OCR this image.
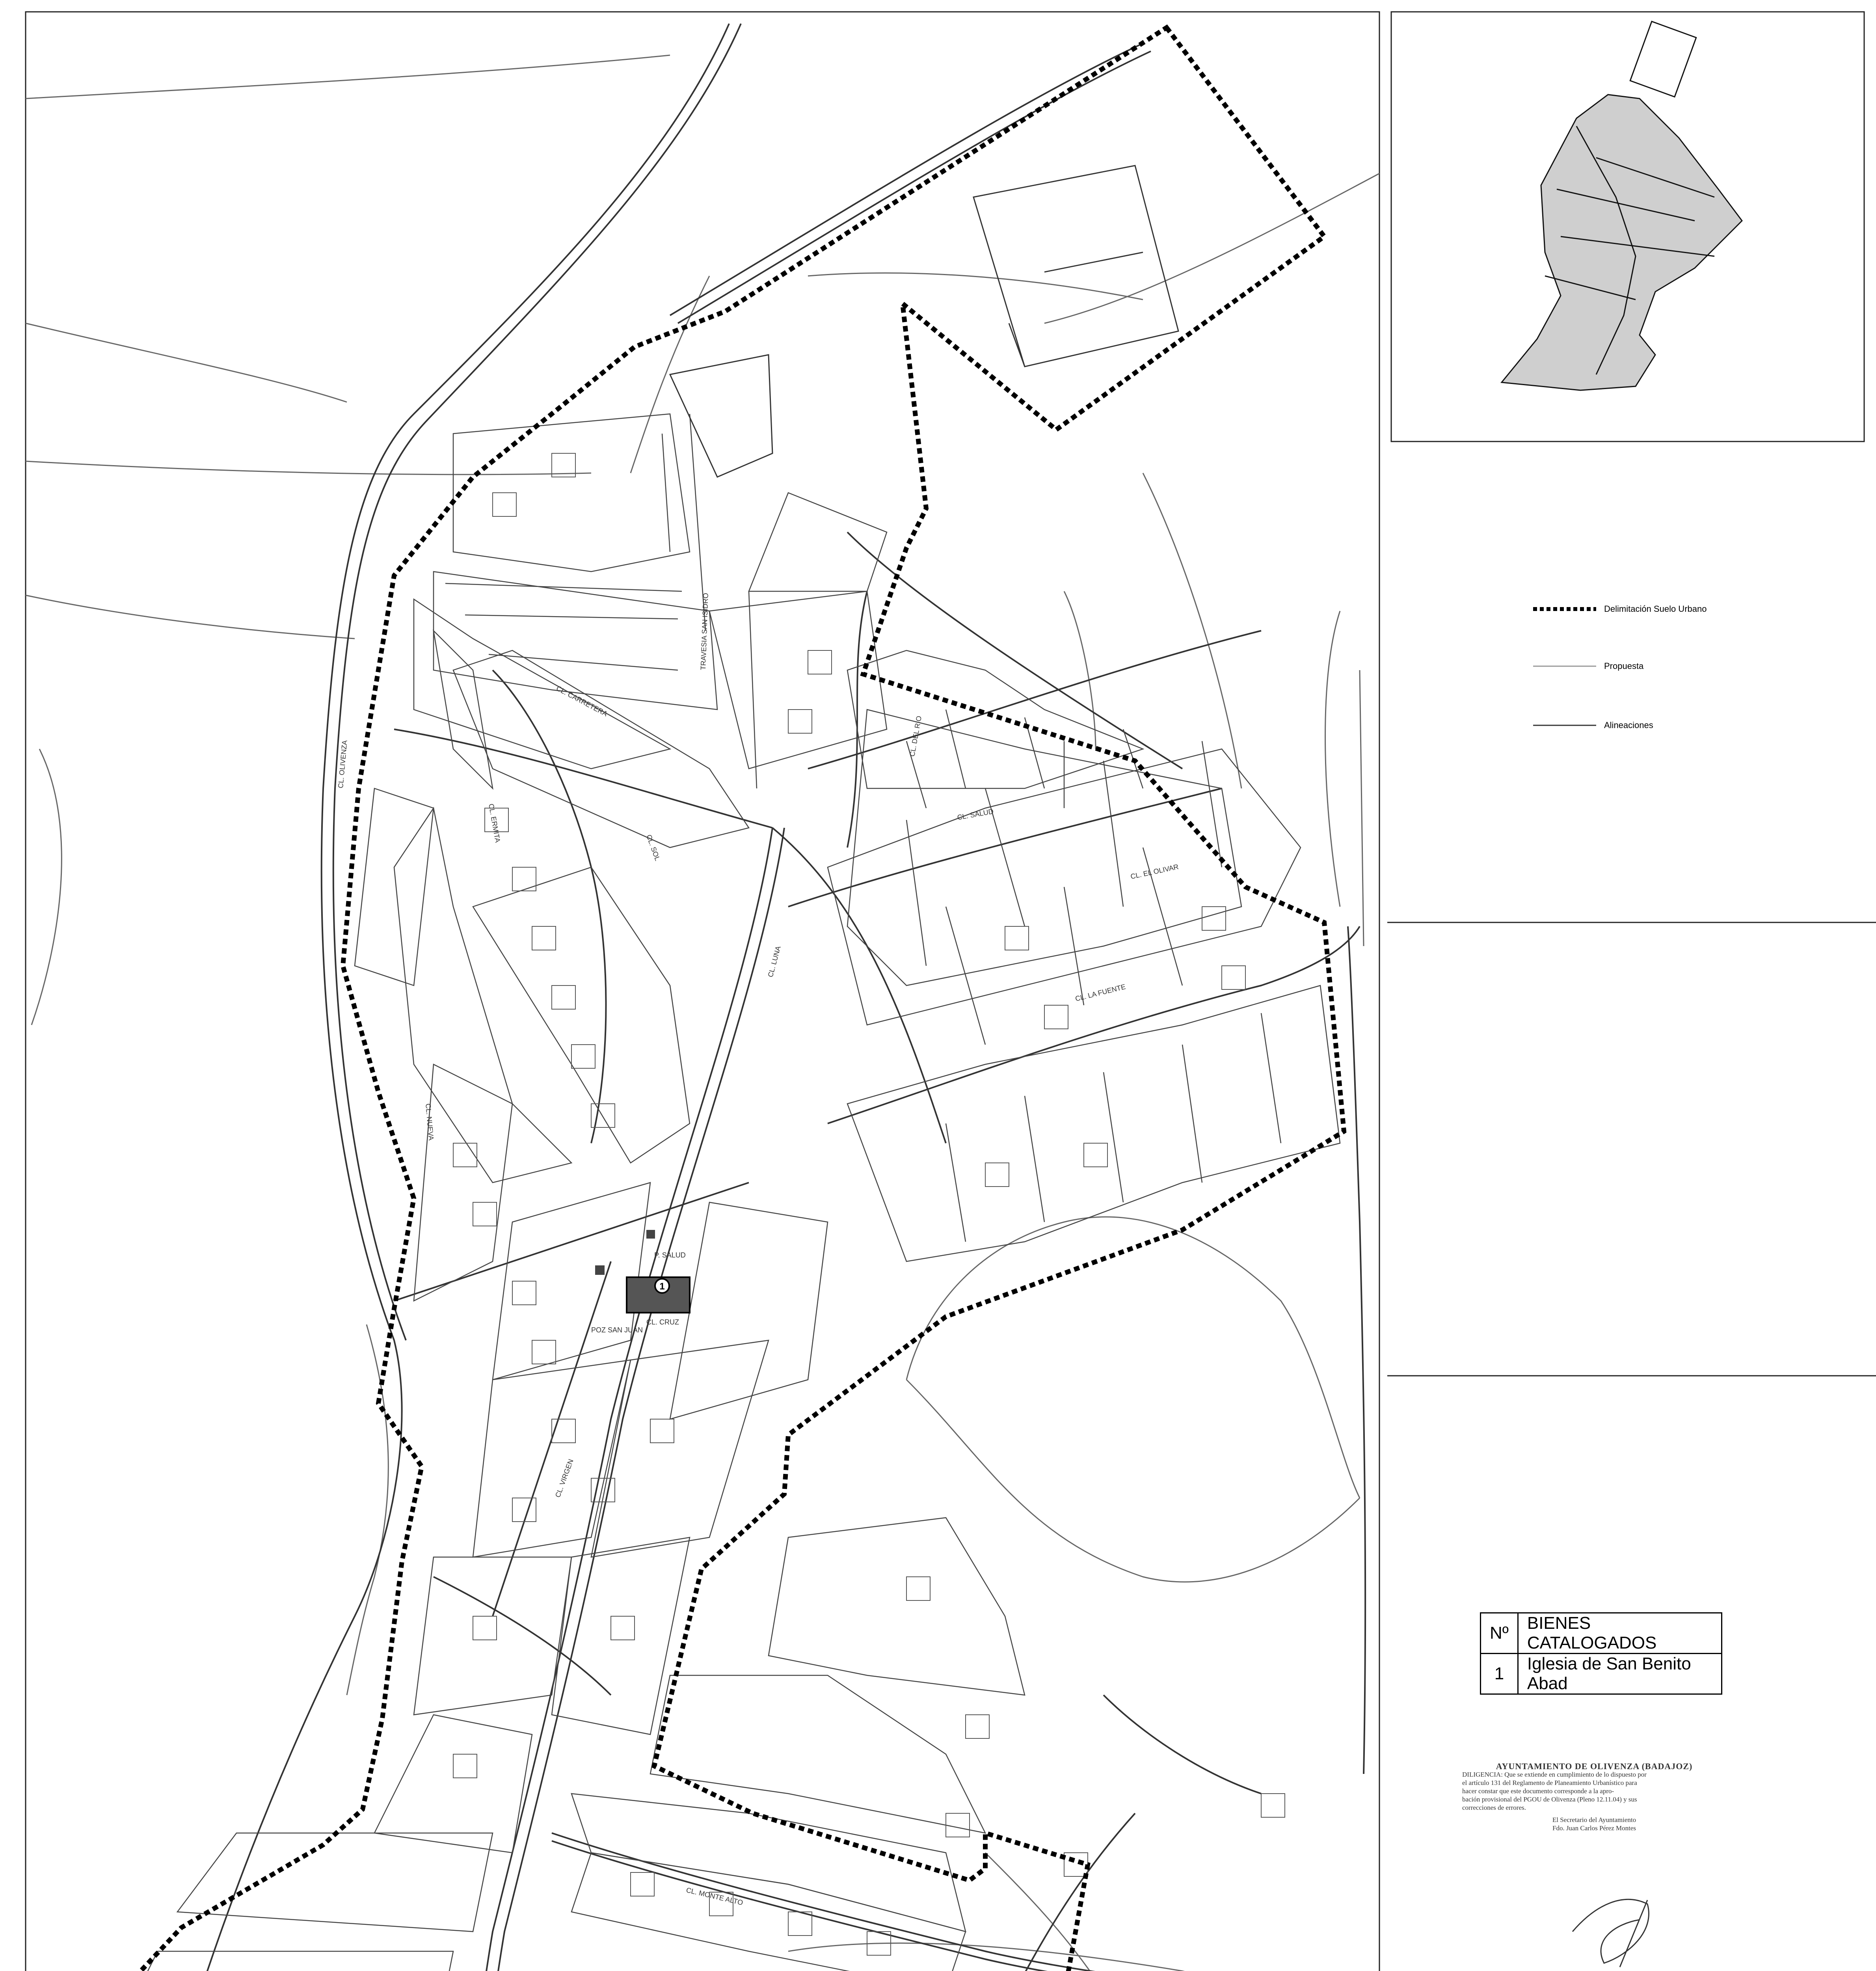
1
P. SALUD
CL. CARRETERA
CL. SOL
CL. LUNA
CL. LA FUENTE
CL. MONTE ALTO
CL. DEL RIO
CL. ERMITA	CL. SALUD
CL. NUEVA
CL. EL OLIVAR
CL. OLIVENZA
POZ SAN JUAN
CL. CRUZ
CL. VIRGEN
TRAVESIA SAN ISIDRO	Delimitación Suelo Urbano
Propuesta
Alineaciones
Nº	BIENES CATALOGADOS
1	Iglesia de San Benito Abad
AYUNTAMIENTO DE OLIVENZA (BADAJOZ)
DILIGENCIA: Que se extiende en cumplimiento de lo dispuesto por
el artículo 131 del Reglamento de Planeamiento Urbanístico para
hacer constar que este documento corresponde a la apro-
bación provisional del PGOU de Olivenza (Pleno 12.11.04) y sus
correcciones de errores.
El Secretario del Ayuntamiento
Fdo. Juan Carlos Pérez Montes
